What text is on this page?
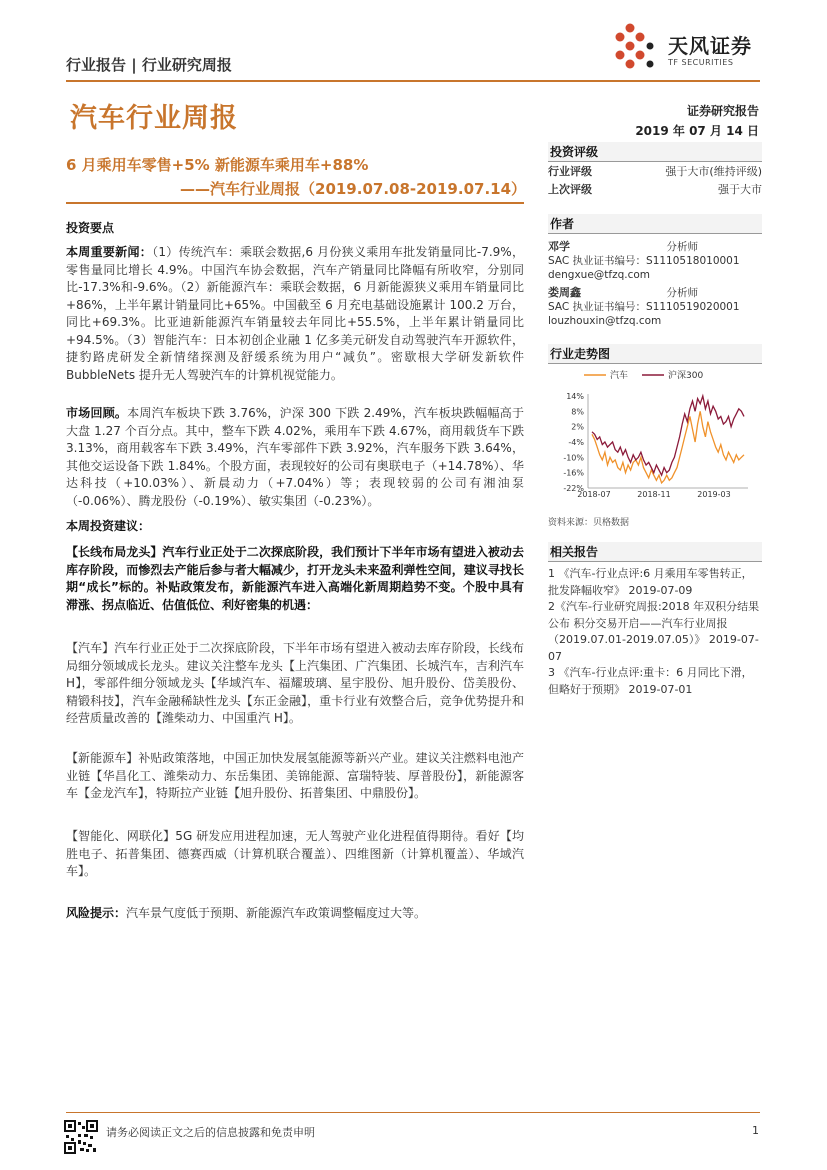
行业报告 | 行业研究周报
天风证券
TF SECURITIES
汽车行业周报	证券研究报告
2019 年 07 月 14 日
6 月乘用车零售+5% 新能源车乘用车+88%
——汽车行业周报（2019.07.08-2019.07.14）
投资要点
本周重要新闻：（1）传统汽车：乘联会数据,6 月份狭义乘用车批发销量同比-7.9%，零售量同比增长 4.9%。中国汽车协会数据，汽车产销量同比降幅有所收窄，分别同比-17.3%和-9.6%。（2）新能源汽车：乘联会数据，6 月新能源狭义乘用车销量同比+86%，上半年累计销量同比+65%。中国截至 6 月充电基础设施累计 100.2 万台，同比+69.3%。比亚迪新能源汽车销量较去年同比+55.5%，上半年累计销量同比+94.5%。（3）智能汽车：日本初创企业融 1 亿多美元研发自动驾驶汽车开源软件，捷豹路虎研发全新情绪探测及舒缓系统为用户“减负”。密歇根大学研发新软件 BubbleNets 提升无人驾驶汽车的计算机视觉能力。
市场回顾。本周汽车板块下跌 3.76%，沪深 300 下跌 2.49%，汽车板块跌幅幅高于大盘 1.27 个百分点。其中，整车下跌 4.02%，乘用车下跌 4.67%，商用载货车下跌 3.13%，商用载客车下跌 3.49%，汽车零部件下跌 3.92%，汽车服务下跌 3.64%，其他交运设备下跌 1.84%。个股方面，表现较好的公司有奥联电子（+14.78%）、华达科技（+10.03%）、新晨动力（+7.04%）等；表现较弱的公司有湘油泵（-0.06%）、腾龙股份（-0.19%）、敏实集团（-0.23%）。
本周投资建议：
【长线布局龙头】汽车行业正处于二次探底阶段，我们预计下半年市场有望进入被动去库存阶段，而惨烈去产能后参与者大幅减少，打开龙头未来盈利弹性空间，建议寻找长期“成长”标的。补贴政策发布，新能源汽车进入高端化新周期趋势不变。个股中具有滞涨、拐点临近、估值低位、利好密集的机遇：
【汽车】汽车行业正处于二次探底阶段，下半年市场有望进入被动去库存阶段，长线布局细分领域成长龙头。建议关注整车龙头【上汽集团、广汽集团、长城汽车，吉利汽车 H】，零部件细分领域龙头【华域汽车、福耀玻璃、星宇股份、旭升股份、岱美股份、精锻科技】，汽车金融稀缺性龙头【东正金融】，重卡行业有效整合后，竞争优势提升和经营质量改善的【潍柴动力、中国重汽 H】。
【新能源车】补贴政策落地，中国正加快发展氢能源等新兴产业。建议关注燃料电池产业链【华昌化工、潍柴动力、东岳集团、美锦能源、富瑞特装、厚普股份】，新能源客车【金龙汽车】，特斯拉产业链【旭升股份、拓普集团、中鼎股份】。
【智能化、网联化】5G 研发应用进程加速，无人驾驶产业化进程值得期待。看好【均胜电子、拓普集团、德赛西威（计算机联合覆盖）、四维图新（计算机覆盖）、华域汽车】。
风险提示：汽车景气度低于预期、新能源汽车政策调整幅度过大等。
投资评级
行业评级	强于大市(维持评级)
上次评级	强于大市
作者
邓学	分析师
SAC 执业证书编号：S1110518010001
dengxue@tfzq.com
娄周鑫	分析师
SAC 执业证书编号：S1110519020001
louzhouxin@tfzq.com
行业走势图
14%
8%
2%
-4%
-10%
-16%
-22%
2018-07	2018-11	2019-03
汽车	沪深300
资料来源：贝格数据
相关报告
1 《汽车-行业点评:6 月乘用车零售转正，批发降幅收窄》 2019-07-09
2《汽车-行业研究周报:2018 年双积分结果公布 积分交易开启——汽车行业周报（2019.07.01-2019.07.05）》 2019-07-07
3 《汽车-行业点评:重卡：6 月同比下滑，但略好于预期》 2019-07-01
请务必阅读正文之后的信息披露和免责申明	1
